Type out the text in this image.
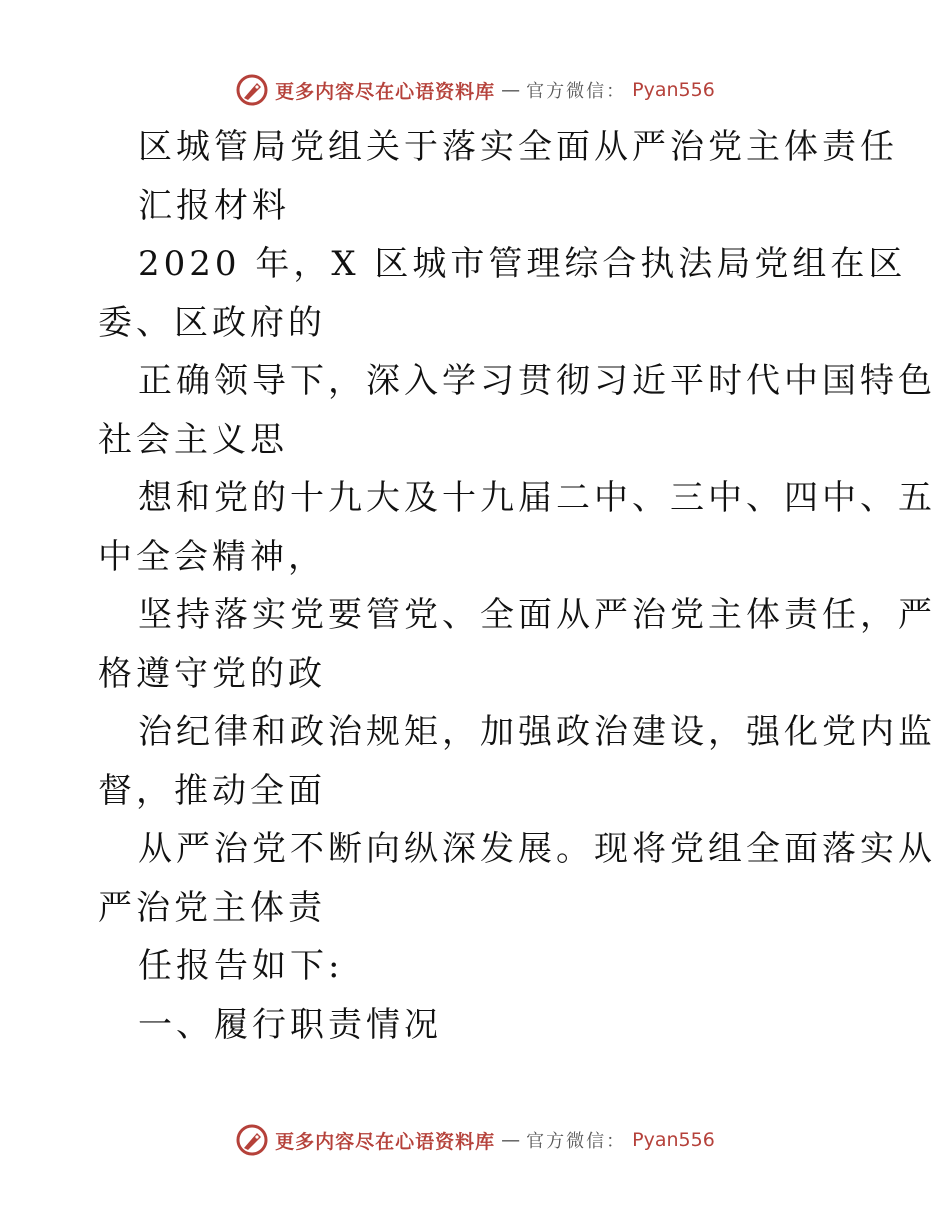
更多内容尽在心语资料库 — 官方微信： Pyan556
区城管局党组关于落实全面从严治党主体责任
汇报材料
2020 年，X 区城市管理综合执法局党组在区
委、区政府的
正确领导下，深入学习贯彻习近平时代中国特色
社会主义思
想和党的十九大及十九届二中、三中、四中、五
中全会精神，
坚持落实党要管党、全面从严治党主体责任，严
格遵守党的政
治纪律和政治规矩，加强政治建设，强化党内监
督，推动全面
从严治党不断向纵深发展。现将党组全面落实从
严治党主体责
任报告如下:
一、履行职责情况
更多内容尽在心语资料库 — 官方微信： Pyan556
